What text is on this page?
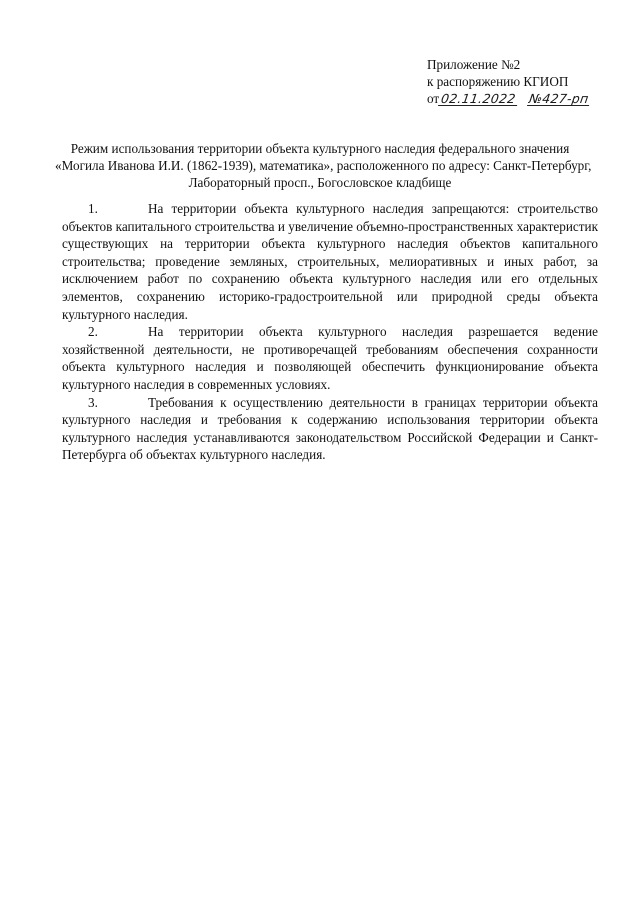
Приложение №2
к распоряжению КГИОП
от02.11.2022 №427-рп
Режим использования территории объекта культурного наследия федерального значения
«Могила Иванова И.И. (1862-1939), математика», расположенного по адресу: Санкт-Петербург,
Лабораторный просп., Богословское кладбище

1.	На территории объекта культурного наследия запрещаются: строительство объектов капитального строительства и увеличение объемно-пространственных характеристик существующих на территории объекта культурного наследия объектов капитального строительства; проведение земляных, строительных, мелиоративных и иных работ, за исключением работ по сохранению объекта культурного наследия или его отдельных элементов, сохранению историко-градостроительной или природной среды объекта культурного наследия.

2.	На территории объекта культурного наследия разрешается ведение хозяйственной деятельности, не противоречащей требованиям обеспечения сохранности объекта культурного наследия и позволяющей обеспечить функционирование объекта культурного наследия в современных условиях.

3.	Требования к осуществлению деятельности в границах территории объекта культурного наследия и требования к содержанию использования территории объекта культурного наследия устанавливаются законодательством Российской Федерации и Санкт-Петербурга об объектах культурного наследия.
